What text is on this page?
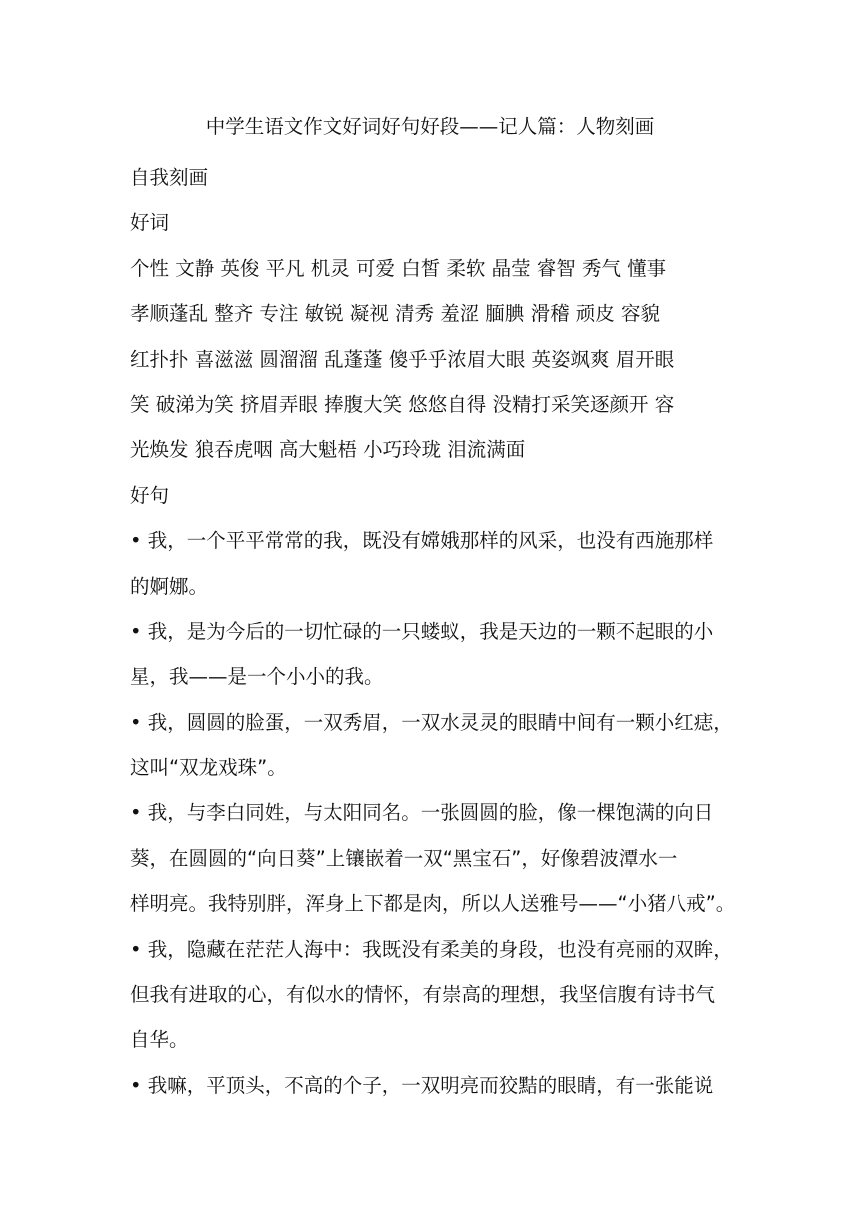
中学生语文作文好词好句好段——记人篇：人物刻画
自我刻画
好词
个性 文静 英俊 平凡 机灵 可爱 白皙 柔软 晶莹 睿智 秀气 懂事
孝顺蓬乱 整齐 专注 敏锐 凝视 清秀 羞涩 腼腆 滑稽 顽皮 容貌
红扑扑 喜滋滋 圆溜溜 乱蓬蓬 傻乎乎浓眉大眼 英姿飒爽 眉开眼
笑 破涕为笑 挤眉弄眼 捧腹大笑 悠悠自得 没精打采笑逐颜开 容
光焕发 狼吞虎咽 高大魁梧 小巧玲珑 泪流满面
好句
• 我，一个平平常常的我，既没有嫦娥那样的风采，也没有西施那样
的婀娜。
• 我，是为今后的一切忙碌的一只蝼蚁，我是天边的一颗不起眼的小
星，我——是一个小小的我。
• 我，圆圆的脸蛋，一双秀眉，一双水灵灵的眼睛中间有一颗小红痣，
这叫“双龙戏珠”。
• 我，与李白同姓，与太阳同名。一张圆圆的脸，像一棵饱满的向日
葵，在圆圆的“向日葵”上镶嵌着一双“黑宝石”，好像碧波潭水一
样明亮。我特别胖，浑身上下都是肉，所以人送雅号——“小猪八戒”。
• 我，隐藏在茫茫人海中：我既没有柔美的身段，也没有亮丽的双眸，
但我有进取的心，有似水的情怀，有崇高的理想，我坚信腹有诗书气
自华。
• 我嘛，平顶头，不高的个子，一双明亮而狡黠的眼睛，有一张能说
